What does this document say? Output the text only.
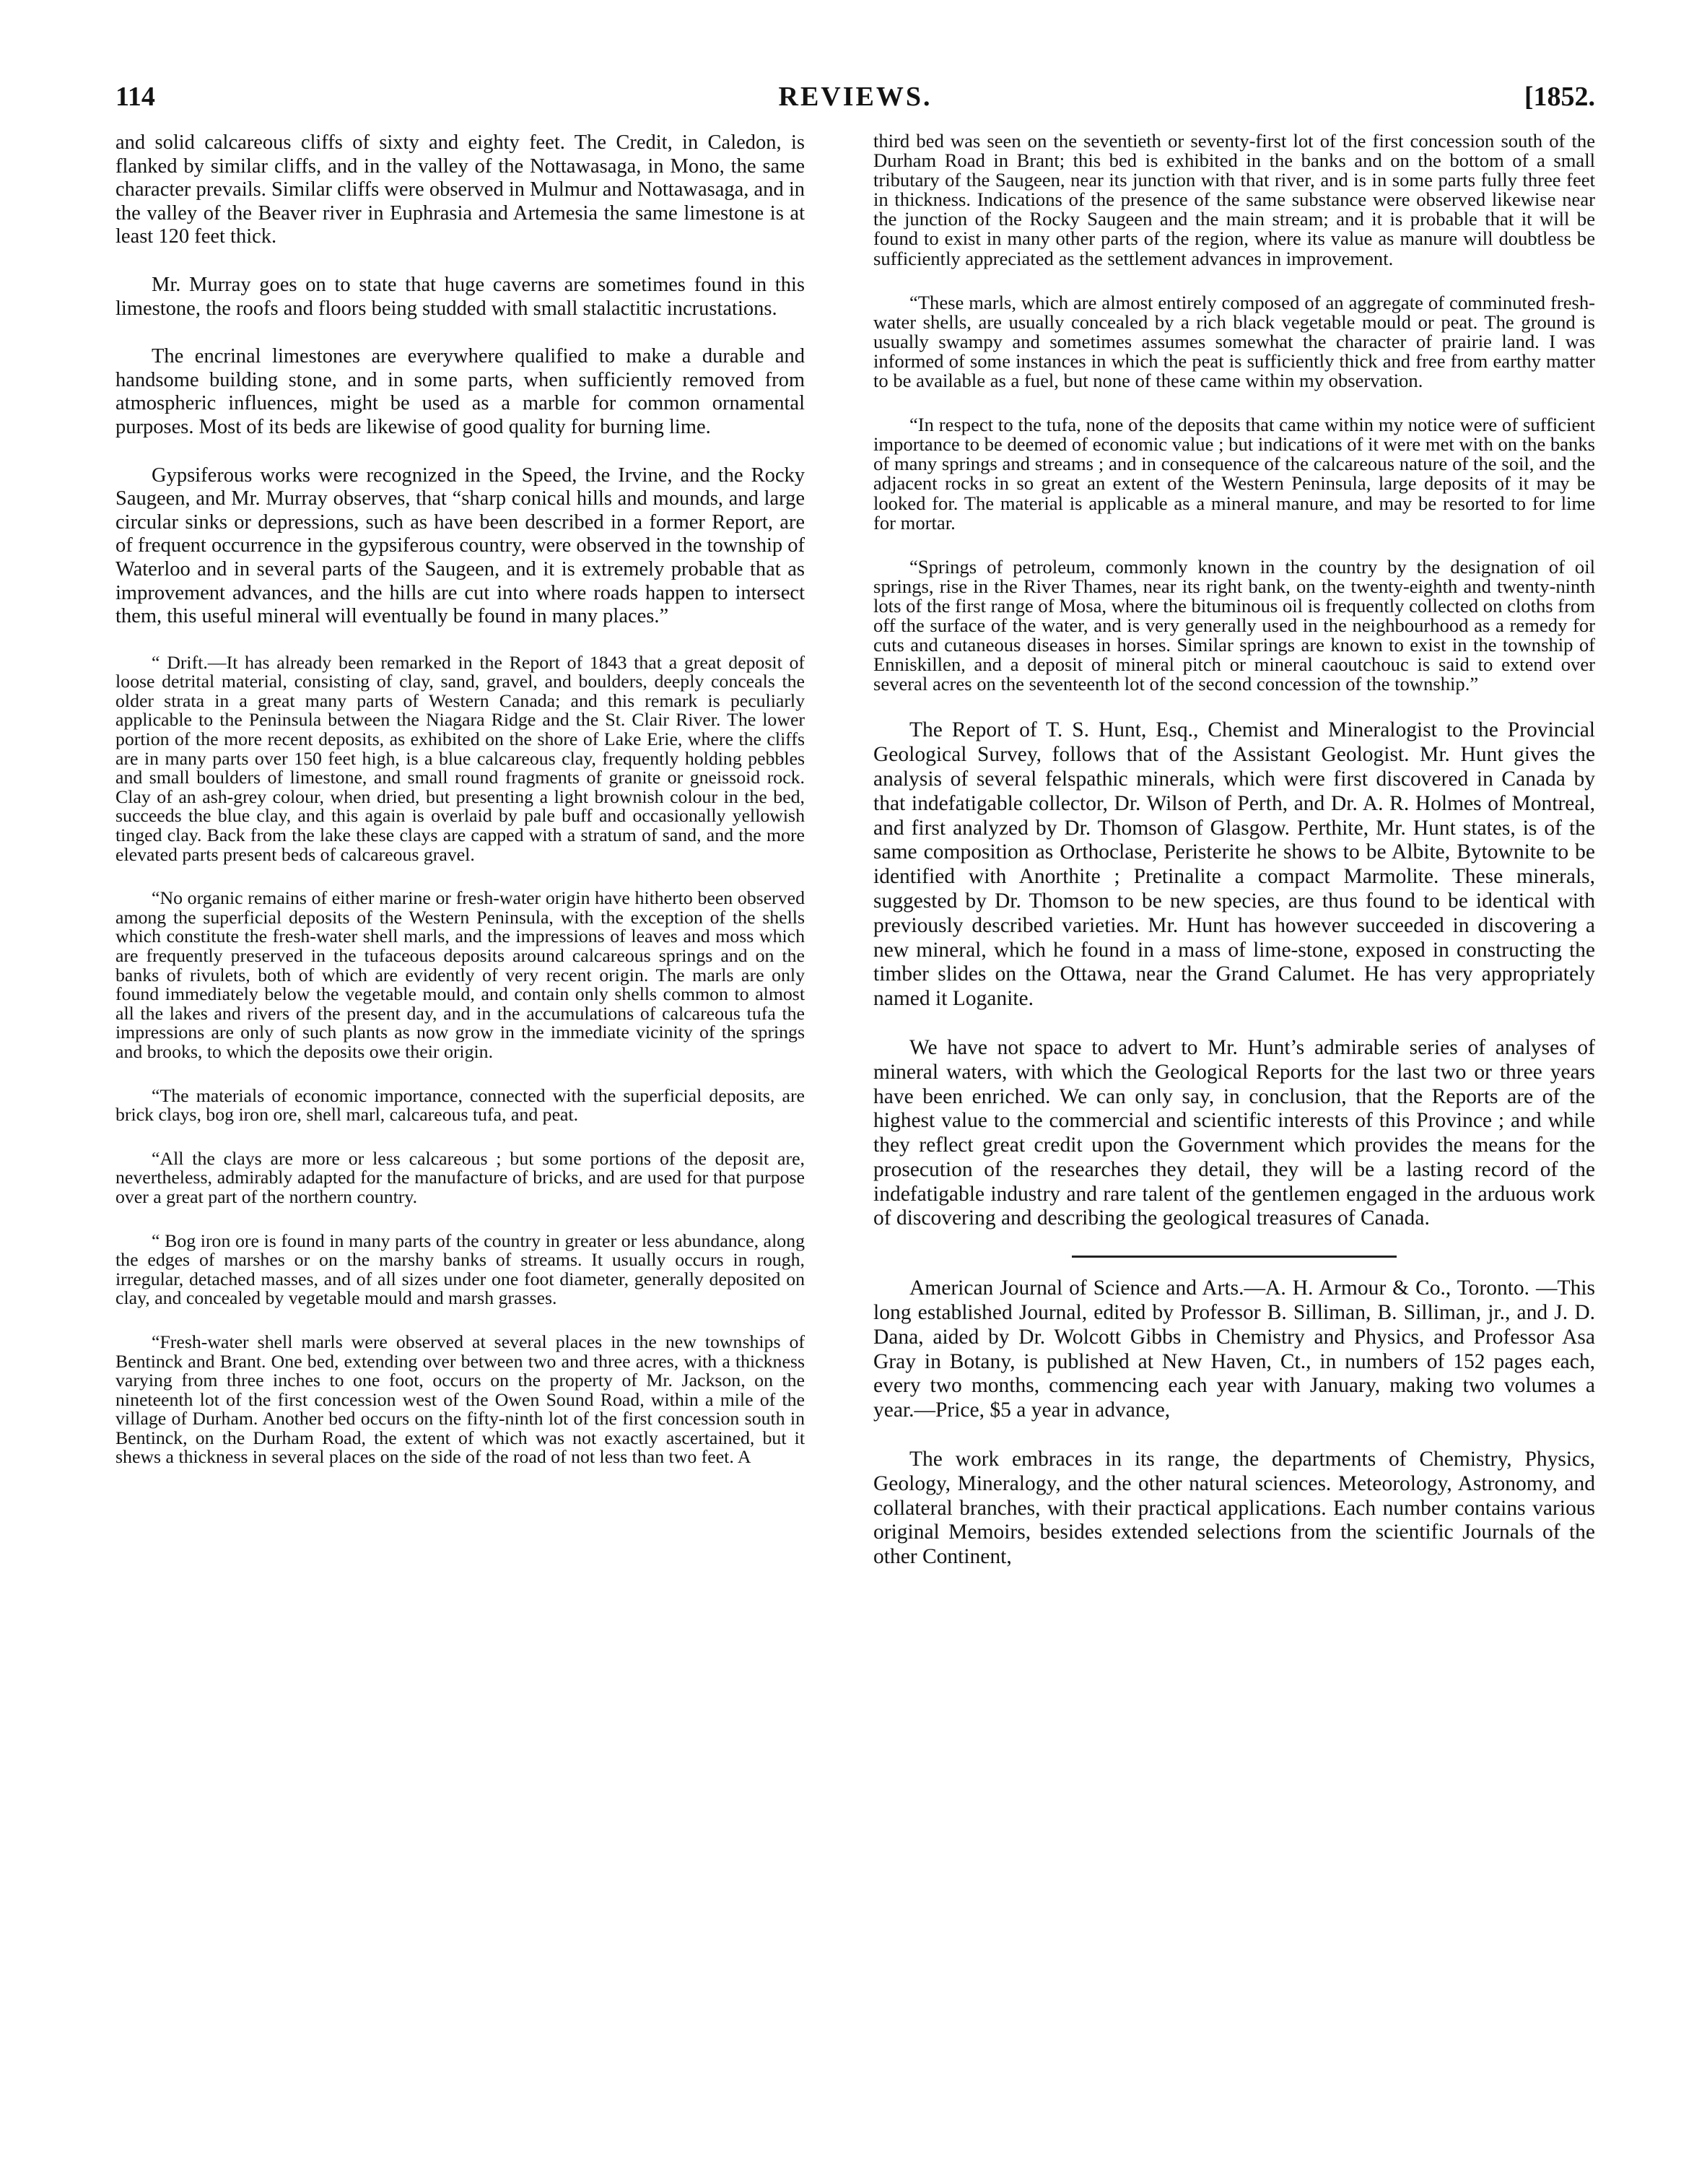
114	REVIEWS.	[1852.

and solid calcareous cliffs of sixty and eighty feet. The Credit, in Caledon, is flanked by similar cliffs, and in the valley of the Nottawasaga, in Mono, the same character prevails. Similar cliffs were observed in Mulmur and Nottawasaga, and in the valley of the Beaver river in Euphrasia and Artemesia the same limestone is at least 120 feet thick.

Mr. Murray goes on to state that huge caverns are sometimes found in this limestone, the roofs and floors being studded with small stalactitic incrustations.

The encrinal limestones are everywhere qualified to make a durable and handsome building stone, and in some parts, when sufficiently removed from atmospheric influences, might be used as a marble for common ornamental purposes. Most of its beds are likewise of good quality for burning lime.

Gypsiferous works were recognized in the Speed, the Irvine, and the Rocky Saugeen, and Mr. Murray observes, that “sharp conical hills and mounds, and large circular sinks or depressions, such as have been described in a former Report, are of frequent occurrence in the gypsiferous country, were observed in the township of Waterloo and in several parts of the Saugeen, and it is extremely probable that as improvement advances, and the hills are cut into where roads happen to intersect them, this useful mineral will eventually be found in many places.”

“ Drift.—It has already been remarked in the Report of 1843 that a great deposit of loose detrital material, consisting of clay, sand, gravel, and boulders, deeply conceals the older strata in a great many parts of Western Canada; and this remark is peculiarly applicable to the Peninsula between the Niagara Ridge and the St. Clair River. The lower portion of the more recent deposits, as exhibited on the shore of Lake Erie, where the cliffs are in many parts over 150 feet high, is a blue calcareous clay, frequently holding pebbles and small boulders of limestone, and small round fragments of granite or gneissoid rock. Clay of an ash-grey colour, when dried, but presenting a light brownish colour in the bed, succeeds the blue clay, and this again is overlaid by pale buff and occasionally yellowish tinged clay. Back from the lake these clays are capped with a stratum of sand, and the more elevated parts present beds of calcareous gravel.

“No organic remains of either marine or fresh-water origin have hitherto been observed among the superficial deposits of the Western Peninsula, with the exception of the shells which constitute the fresh-water shell marls, and the impressions of leaves and moss which are frequently preserved in the tufaceous deposits around calcareous springs and on the banks of rivulets, both of which are evidently of very recent origin. The marls are only found immediately below the vegetable mould, and contain only shells common to almost all the lakes and rivers of the present day, and in the accumulations of calcareous tufa the impressions are only of such plants as now grow in the immediate vicinity of the springs and brooks, to which the deposits owe their origin.

“The materials of economic importance, connected with the superficial deposits, are brick clays, bog iron ore, shell marl, calcareous tufa, and peat.

“All the clays are more or less calcareous ; but some portions of the deposit are, nevertheless, admirably adapted for the manufacture of bricks, and are used for that purpose over a great part of the northern country.

“ Bog iron ore is found in many parts of the country in greater or less abundance, along the edges of marshes or on the marshy banks of streams. It usually occurs in rough, irregular, detached masses, and of all sizes under one foot diameter, generally deposited on clay, and concealed by vegetable mould and marsh grasses.

“Fresh-water shell marls were observed at several places in the new townships of Bentinck and Brant. One bed, extending over between two and three acres, with a thickness varying from three inches to one foot, occurs on the property of Mr. Jackson, on the nineteenth lot of the first concession west of the Owen Sound Road, within a mile of the village of Durham. Another bed occurs on the fifty-ninth lot of the first concession south in Bentinck, on the Durham Road, the extent of which was not exactly ascertained, but it shews a thickness in several places on the side of the road of not less than two feet. A

third bed was seen on the seventieth or seventy-first lot of the first concession south of the Durham Road in Brant; this bed is exhibited in the banks and on the bottom of a small tributary of the Saugeen, near its junction with that river, and is in some parts fully three feet in thickness. Indications of the presence of the same substance were observed likewise near the junction of the Rocky Saugeen and the main stream; and it is probable that it will be found to exist in many other parts of the region, where its value as manure will doubtless be sufficiently appreciated as the settlement advances in improvement.

“These marls, which are almost entirely composed of an aggregate of comminuted fresh-water shells, are usually concealed by a rich black vegetable mould or peat. The ground is usually swampy and sometimes assumes somewhat the character of prairie land. I was informed of some instances in which the peat is sufficiently thick and free from earthy matter to be available as a fuel, but none of these came within my observation.

“In respect to the tufa, none of the deposits that came within my notice were of sufficient importance to be deemed of economic value ; but indications of it were met with on the banks of many springs and streams ; and in consequence of the calcareous nature of the soil, and the adjacent rocks in so great an extent of the Western Peninsula, large deposits of it may be looked for. The material is applicable as a mineral manure, and may be resorted to for lime for mortar.

“Springs of petroleum, commonly known in the country by the designation of oil springs, rise in the River Thames, near its right bank, on the twenty-eighth and twenty-ninth lots of the first range of Mosa, where the bituminous oil is frequently collected on cloths from off the surface of the water, and is very generally used in the neighbourhood as a remedy for cuts and cutaneous diseases in horses. Similar springs are known to exist in the township of Enniskillen, and a deposit of mineral pitch or mineral caoutchouc is said to extend over several acres on the seventeenth lot of the second concession of the township.”

The Report of T. S. Hunt, Esq., Chemist and Mineralogist to the Provincial Geological Survey, follows that of the Assistant Geologist. Mr. Hunt gives the analysis of several felspathic minerals, which were first discovered in Canada by that indefatigable collector, Dr. Wilson of Perth, and Dr. A. R. Holmes of Montreal, and first analyzed by Dr. Thomson of Glasgow. Perthite, Mr. Hunt states, is of the same composition as Orthoclase, Peristerite he shows to be Albite, Bytownite to be identified with Anorthite ; Pretinalite a compact Marmolite. These minerals, suggested by Dr. Thomson to be new species, are thus found to be identical with previously described varieties. Mr. Hunt has however succeeded in discovering a new mineral, which he found in a mass of lime-stone, exposed in constructing the timber slides on the Ottawa, near the Grand Calumet. He has very appropriately named it Loganite.

We have not space to advert to Mr. Hunt’s admirable series of analyses of mineral waters, with which the Geological Reports for the last two or three years have been enriched. We can only say, in conclusion, that the Reports are of the highest value to the commercial and scientific interests of this Province ; and while they reflect great credit upon the Government which provides the means for the prosecution of the researches they detail, they will be a lasting record of the indefatigable industry and rare talent of the gentlemen engaged in the arduous work of discovering and describing the geological treasures of Canada.

American Journal of Science and Arts.—A. H. Armour & Co., Toronto. —This long established Journal, edited by Professor B. Silliman, B. Silliman, jr., and J. D. Dana, aided by Dr. Wolcott Gibbs in Chemistry and Physics, and Professor Asa Gray in Botany, is published at New Haven, Ct., in numbers of 152 pages each, every two months, commencing each year with January, making two volumes a year.—Price, $5 a year in advance,

The work embraces in its range, the departments of Chemistry, Physics, Geology, Mineralogy, and the other natural sciences. Meteorology, Astronomy, and collateral branches, with their practical applications. Each number contains various original Memoirs, besides extended selections from the scientific Journals of the other Continent,
